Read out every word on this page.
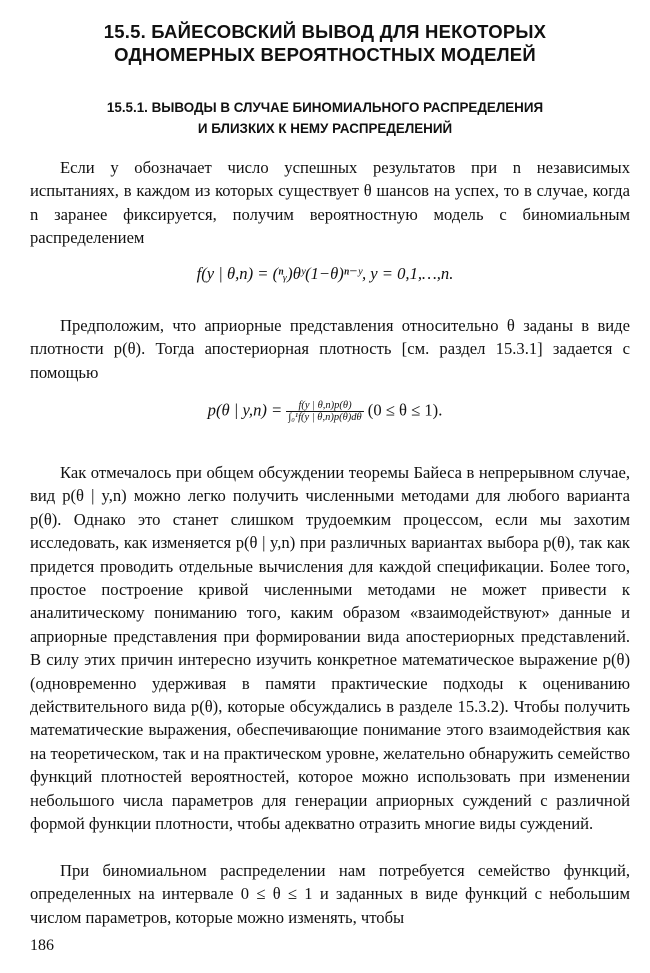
15.5. БАЙЕСОВСКИЙ ВЫВОД ДЛЯ НЕКОТОРЫХ
ОДНОМЕРНЫХ ВЕРОЯТНОСТНЫХ МОДЕЛЕЙ
15.5.1. ВЫВОДЫ В СЛУЧАЕ БИНОМИАЛЬНОГО РАСПРЕДЕЛЕНИЯ
И БЛИЗКИХ К НЕМУ РАСПРЕДЕЛЕНИЙ

Если y обозначает число успешных результатов при n независимых испытаниях, в каждом из которых существует θ шансов на успех, то в случае, когда n заранее фиксируется, получим вероятностную модель с биномиальным распределением

f(y | θ,n) = (ⁿᵧ)θʸ(1−θ)ⁿ⁻ʸ, y = 0,1,…,n.

Предположим, что априорные представления относительно θ заданы в виде плотности p(θ). Тогда апостериорная плотность [см. раздел 15.3.1] задается с помощью

p(θ | $y,n) = \frac{f(y | \theta,n)p(\theta)}{\text{∫₀¹f(y | θ,n)p(θ)dθ}} (0 \le \theta \le 1)$.

Как отмечалось при общем обсуждении теоремы Байеса в непрерывном случае, вид p(θ | y,n) можно легко получить численными методами для любого варианта p(θ). Однако это станет слишком трудоемким процессом, если мы захотим исследовать, как изменяется p(θ | y,n) при различных вариантах выбора p(θ), так как придется проводить отдельные вычисления для каждой спецификации. Более того, простое построение кривой численными методами не может привести к аналитическому пониманию того, каким образом «взаимодействуют» данные и априорные представления при формировании вида апостериорных представлений. В силу этих причин интересно изучить конкретное математическое выражение p(θ) (одновременно удерживая в памяти практические подходы к оцениванию действительного вида p(θ), которые обсуждались в разделе 15.3.2). Чтобы получить математические выражения, обеспечивающие понимание этого взаимодействия как на теоретическом, так и на практическом уровне, желательно обнаружить семейство функций плотностей вероятностей, которое можно использовать при изменении небольшого числа параметров для генерации априорных суждений с различной формой функции плотности, чтобы адекватно отразить многие виды суждений.

При биномиальном распределении нам потребуется семейство функций, определенных на интервале 0 ≤ θ ≤ 1 и заданных в виде функций с небольшим числом параметров, которые можно изменять, чтобы

186
